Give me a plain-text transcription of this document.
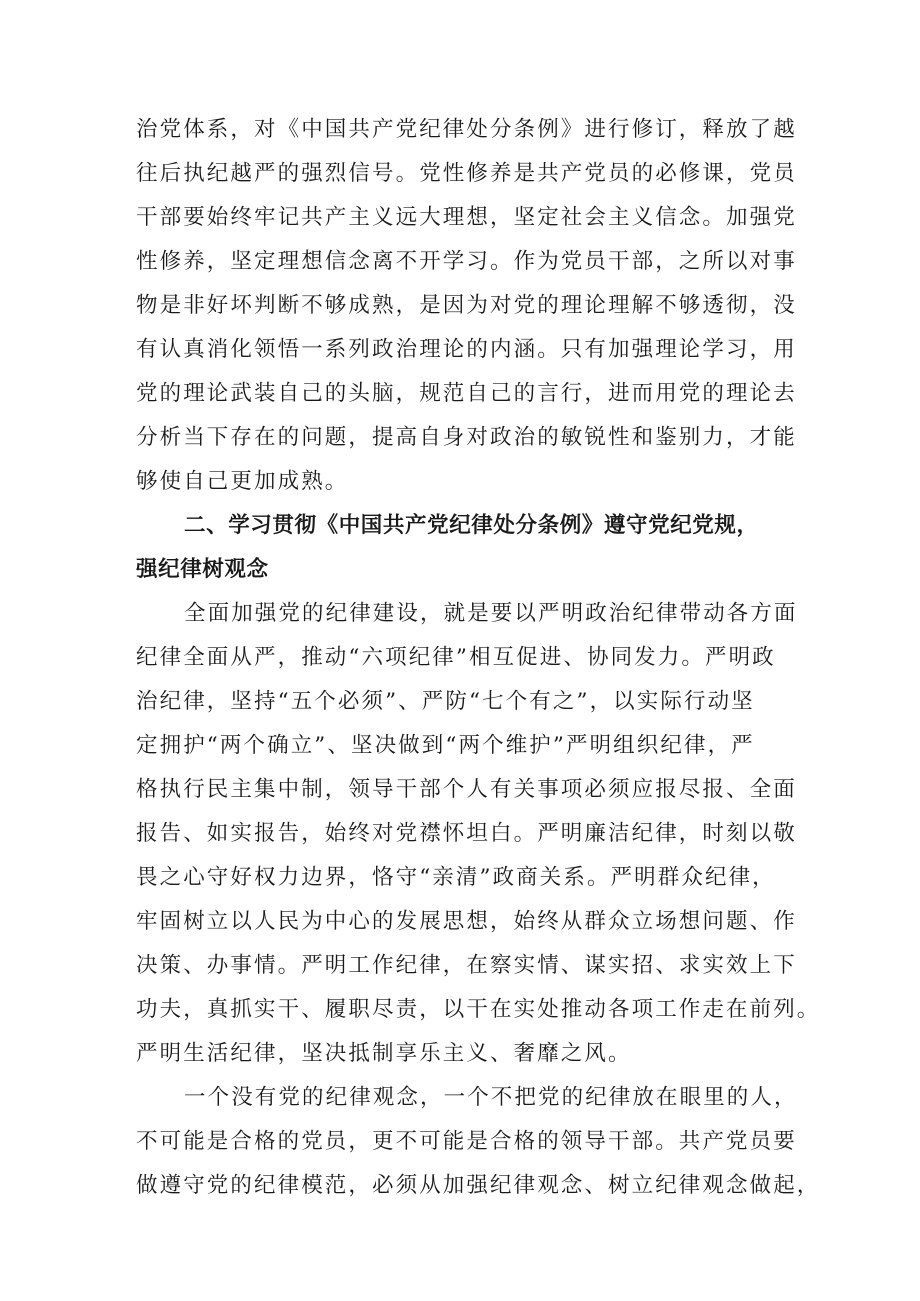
治党体系，对《中国共产党纪律处分条例》进行修订，释放了越
往后执纪越严的强烈信号。党性修养是共产党员的必修课，党员
干部要始终牢记共产主义远大理想，坚定社会主义信念。加强党
性修养，坚定理想信念离不开学习。作为党员干部，之所以对事
物是非好坏判断不够成熟，是因为对党的理论理解不够透彻，没
有认真消化领悟一系列政治理论的内涵。只有加强理论学习，用
党的理论武装自己的头脑，规范自己的言行，进而用党的理论去
分析当下存在的问题，提高自身对政治的敏锐性和鉴别力，才能
够使自己更加成熟。
二、学习贯彻《中国共产党纪律处分条例》遵守党纪党规，
强纪律树观念
全面加强党的纪律建设，就是要以严明政治纪律带动各方面
纪律全面从严，推动“六项纪律”相互促进、协同发力。严明政
治纪律，坚持“五个必须”、严防“七个有之”，以实际行动坚
定拥护“两个确立”、坚决做到“两个维护”严明组织纪律，严
格执行民主集中制，领导干部个人有关事项必须应报尽报、全面
报告、如实报告，始终对党襟怀坦白。严明廉洁纪律，时刻以敬
畏之心守好权力边界，恪守“亲清”政商关系。严明群众纪律，
牢固树立以人民为中心的发展思想，始终从群众立场想问题、作
决策、办事情。严明工作纪律，在察实情、谋实招、求实效上下
功夫，真抓实干、履职尽责，以干在实处推动各项工作走在前列。
严明生活纪律，坚决抵制享乐主义、奢靡之风。
一个没有党的纪律观念，一个不把党的纪律放在眼里的人，
不可能是合格的党员，更不可能是合格的领导干部。共产党员要
做遵守党的纪律模范，必须从加强纪律观念、树立纪律观念做起，
